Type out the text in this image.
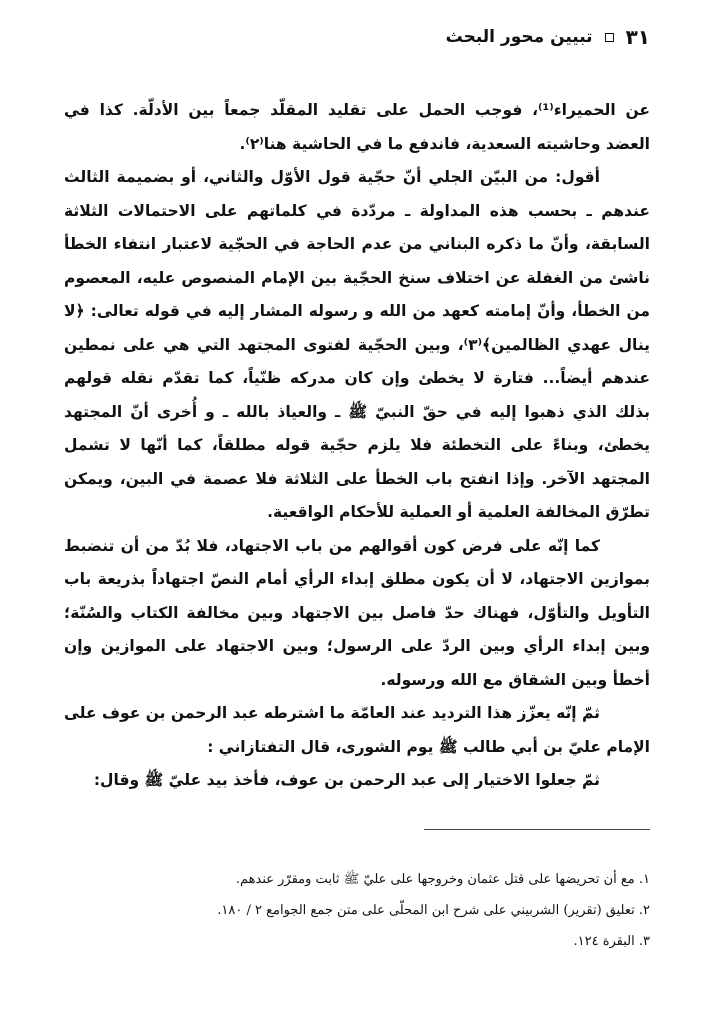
٣١
تبيين محور البحث

عن الحميراء⁽¹⁾، فوجب الحمل على تقليد المقلّد جمعاً بين الأدلّة. كذا في العضد وحاشيته السعدية، فاندفع ما في الحاشية هنا⁽٢⁾.

أقول: من البيّن الجلي أنّ حجّية قول الأوّل والثاني، أو بضميمة الثالث عندهم ـ بحسب هذه المداولة ـ مردّدة في كلماتهم على الاحتمالات الثلاثة السابقة، وأنّ ما ذكره البناني من عدم الحاجة في الحجّية لاعتبار انتفاء الخطأ ناشئ من الغفلة عن اختلاف سنخ الحجّية بين الإمام المنصوص عليه، المعصوم من الخطأ، وأنّ إمامته كعهد من الله و رسوله المشار إليه في قوله تعالى: ﴿لا ينال عهدي الظالمين﴾⁽٣⁾، وبين الحجّية لفتوى المجتهد التي هي على نمطين عندهم أيضاً... فتارة لا يخطئ وإن كان مدركه ظنّياً، كما تقدّم نقله قولهم بذلك الذي ذهبوا إليه في حقّ النبيّ ﷺ ـ والعياذ بالله ـ و أُخرى أنّ المجتهد يخطئ، وبناءً على التخطئة فلا يلزم حجّية قوله مطلقاً، كما أنّها لا تشمل المجتهد الآخر. وإذا انفتح باب الخطأ على الثلاثة فلا عصمة في البين، ويمكن تطرّق المخالفة العلمية أو العملية للأحكام الواقعية.

كما إنّه على فرض كون أقوالهم من باب الاجتهاد، فلا بُدّ من أن تنضبط بموازين الاجتهاد، لا أن يكون مطلق إبداء الرأي أمام النصّ اجتهاداً بذريعة باب التأويل والتأوّل، فهناك حدّ فاصل بين الاجتهاد وبين مخالفة الكتاب والسُنّة؛ وبين إبداء الرأي وبين الردّ على الرسول؛ وبين الاجتهاد على الموازين وإن أخطأ وبين الشقاق مع الله ورسوله.

ثمّ إنّه يعزّز هذا الترديد عند العامّة ما اشترطه عبد الرحمن بن عوف على الإمام عليّ بن أبي طالب ﷺ يوم الشورى، قال التفتازاني :

ثمّ جعلوا الاختيار إلى عبد الرحمن بن عوف، فأخذ بيد عليّ ﷺ وقال:

١. مع أن تحريضها على قتل عثمان وخروجها على عليّ ﷺ ثابت ومقرّر عندهم.
٢. تعليق (تقرير) الشربيني على شرح ابن المحلّى على متن جمع الجوامع ٢ / ١٨٠.
٣. البقرة ١٢٤.
